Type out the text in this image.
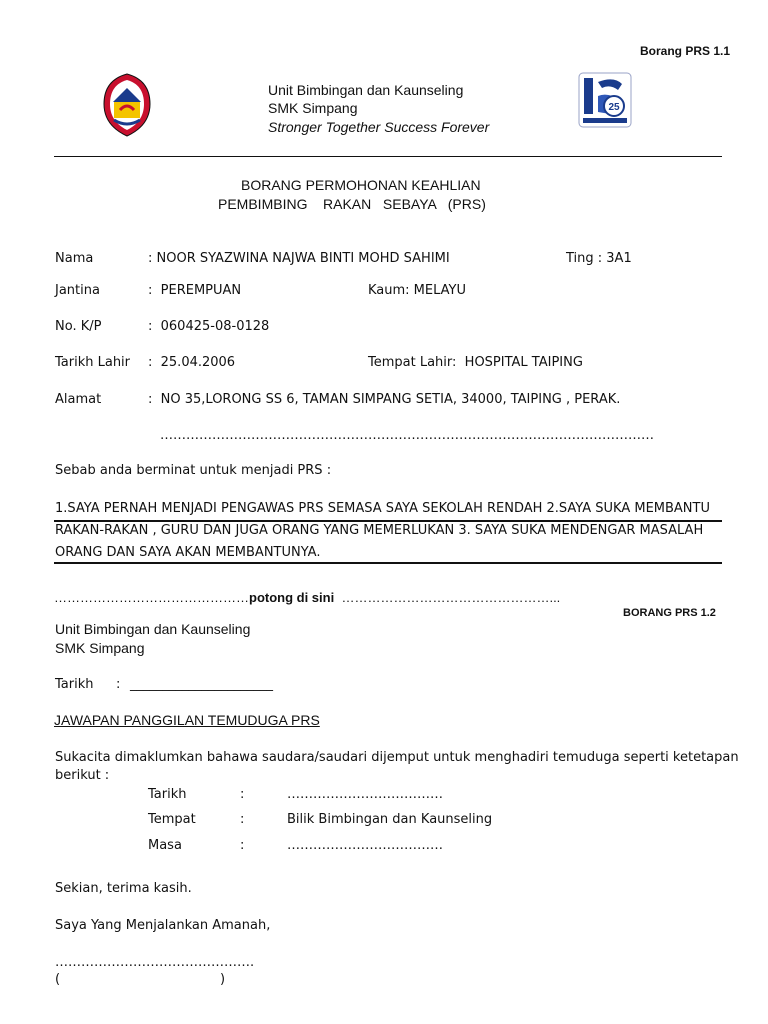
Borang PRS 1.1
Unit Bimbingan dan Kaunseling
SMK Simpang
Stronger Together Success Forever
25
BORANG PERMOHONAN KEAHLIAN
PEMBIMBING    RAKAN   SEBAYA   (PRS)
Nama	: NOOR SYAZWINA NAJWA BINTI MOHD SAHIMI	Ting : 3A1
Jantina	:  PEREMPUAN	Kaum: MELAYU
No. K/P	:  060425-08-0128
Tarikh Lahir :  25.04.2006	Tempat Lahir:  HOSPITAL TAIPING
Alamat	:  NO 35,LORONG SS 6, TAMAN SIMPANG SETIA, 34000, TAIPING , PERAK.
……………………………………………………………………………………………………
Sebab anda berminat untuk menjadi PRS :
1.SAYA PERNAH MENJADI PENGAWAS PRS SEMASA SAYA SEKOLAH RENDAH 2.SAYA SUKA MEMBANTU
RAKAN-RAKAN , GURU DAN JUGA ORANG YANG MEMERLUKAN 3. SAYA SUKA MENDENGAR MASALAH
ORANG DAN SAYA AKAN MEMBANTUNYA.
………………………………………potong di sini …………………………………………...
BORANG PRS 1.2
Unit Bimbingan dan Kaunseling
SMK Simpang
Tarikh : ______________________
JAWAPAN PANGGILAN TEMUDUGA PRS
Sukacita dimaklumkan bahawa saudara/saudari dijemput untuk menghadiri temuduga seperti ketetapan
berikut :
Tarikh	:	………………………………
Tempat	:	Bilik Bimbingan dan Kaunseling
Masa	:	………………………………
Sekian, terima kasih.
Saya Yang Menjalankan Amanah,
……………………………………….
(	)
